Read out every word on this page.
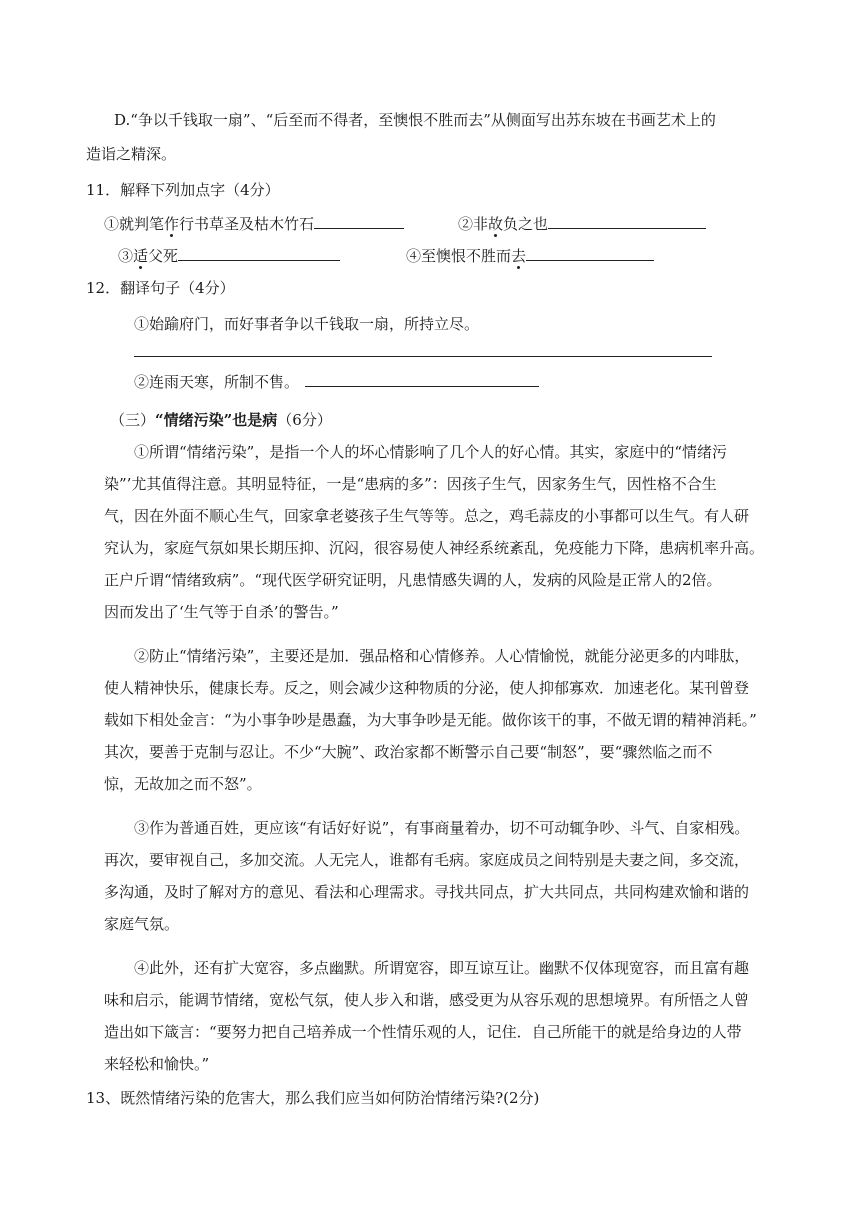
D.“争以千钱取一扇”、“后至而不得者，至懊恨不胜而去”从侧面写出苏东坡在书画艺术上的
造诣之精深。
11．解释下列加点字（4分）
①就判笔作行书草圣及枯木竹石	②非故负之也
③适父死	④至懊恨不胜而去
12．翻译句子（4分）
①始踰府门，而好事者争以千钱取一扇，所持立尽。
②连雨天寒，所制不售。
（三）“情绪污染”也是病（6分）
①所谓“情绪污染”，是指一个人的坏心情影响了几个人的好心情。其实，家庭中的“情绪污
染”’尤其值得注意。其明显特征，一是“患病的多”：因孩子生气，因家务生气，因性格不合生
气，因在外面不顺心生气，回家拿老婆孩子生气等等。总之，鸡毛蒜皮的小事都可以生气。有人研
究认为，家庭气氛如果长期压抑、沉闷，很容易使人神经系统紊乱，免疫能力下降，患病机率升高。
正户斤谓“情绪致病”。“现代医学研究证明，凡患情感失调的人，发病的风险是正常人的2倍。
因而发出了‘生气等于自杀’的警告。”
②防止“情绪污染”，主要还是加．强品格和心情修养。人心情愉悦，就能分泌更多的内啡肽，
使人精神快乐，健康长寿。反之，则会减少这种物质的分泌，使人抑郁寡欢．加速老化。某刊曾登
载如下相处金言：“为小事争吵是愚蠢，为大事争吵是无能。做你该干的事，不做无谓的精神消耗。”
其次，要善于克制与忍让。不少“大腕”、政治家都不断警示自己要“制怒”，要“骤然临之而不
惊，无故加之而不怒”。
③作为普通百姓，更应该“有话好好说”，有事商量着办，切不可动辄争吵、斗气、自家相残。
再次，要审视自己，多加交流。人无完人，谁都有毛病。家庭成员之间特别是夫妻之间，多交流，
多沟通，及时了解对方的意见、看法和心理需求。寻找共同点，扩大共同点，共同构建欢愉和谐的
家庭气氛。
④此外，还有扩大宽容，多点幽默。所谓宽容，即互谅互让。幽默不仅体现宽容，而且富有趣
味和启示，能调节情绪，宽松气氛，使人步入和谐，感受更为从容乐观的思想境界。有所悟之人曾
造出如下箴言：“要努力把自己培养成一个性情乐观的人，记住．自己所能干的就是给身边的人带
来轻松和愉快。”
13、既然情绪污染的危害大，那么我们应当如何防治情绪污染?(2分)
